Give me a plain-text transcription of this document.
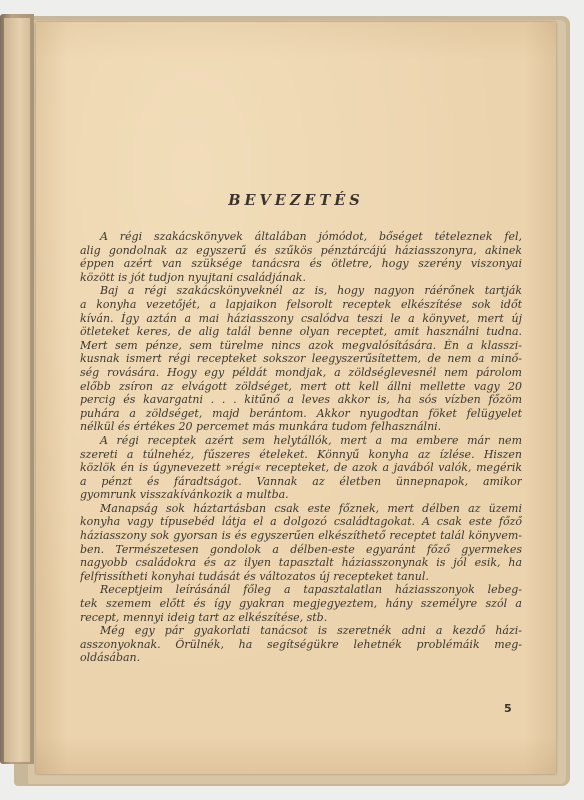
BEVEZETÉS
A régi szakácskönyvek általában jómódot, bőséget tételeznek fel,
alig gondolnak az egyszerű és szűkös pénztárcájú háziasszonyra, akinek
éppen azért van szüksége tanácsra és ötletre, hogy szerény viszonyai
között is jót tudjon nyujtani családjának.
Baj a régi szakácskönyveknél az is, hogy nagyon ráérőnek tartják
a konyha vezetőjét, a lapjaikon felsorolt receptek elkészítése sok időt
kíván. Így aztán a mai háziasszony csalódva teszi le a könyvet, mert új
ötleteket keres, de alig talál benne olyan receptet, amit használni tudna.
Mert sem pénze, sem türelme nincs azok megvalósítására. Én a klasszi-
kusnak ismert régi recepteket sokszor leegyszerűsítettem, de nem a minő-
ség rovására. Hogy egy példát mondjak, a zöldséglevesnél nem párolom
előbb zsíron az elvágott zöldséget, mert ott kell állni mellette vagy 20
percig és kavargatni . . . kitűnő a leves akkor is, ha sós vízben főzöm
puhára a zöldséget, majd berántom. Akkor nyugodtan föket felügyelet
nélkül és értékes 20 percemet más munkára tudom felhasználni.
A régi receptek azért sem helytállók, mert a ma embere már nem
szereti a túlnehéz, fűszeres ételeket. Könnyű konyha az ízlése. Hiszen
közlök én is úgynevezett »régi« recepteket, de azok a javából valók, megérik
a pénzt és fáradtságot. Vannak az életben ünnepnapok, amikor
gyomrunk visszakívánkozik a multba.
Manapság sok háztartásban csak este főznek, mert délben az üzemi
konyha vagy típusebéd látja el a dolgozó családtagokat. A csak este főző
háziasszony sok gyorsan is és egyszerűen elkészíthető receptet talál könyvem-
ben. Természetesen gondolok a délben-este egyaránt főző gyermekes
nagyobb családokra és az ilyen tapasztalt háziasszonynak is jól esik, ha
felfrissítheti konyhai tudását és változatos új recepteket tanul.
Receptjeim leírásánál főleg a tapasztalatlan háziasszonyok lebeg-
tek szemem előtt és így gyakran megjegyeztem, hány személyre szól a
recept, mennyi ideig tart az elkészítése, stb.
Még egy pár gyakorlati tanácsot is szeretnék adni a kezdő házi-
asszonyoknak. Örülnék, ha segítségükre lehetnék problémáik meg-
oldásában.
5
